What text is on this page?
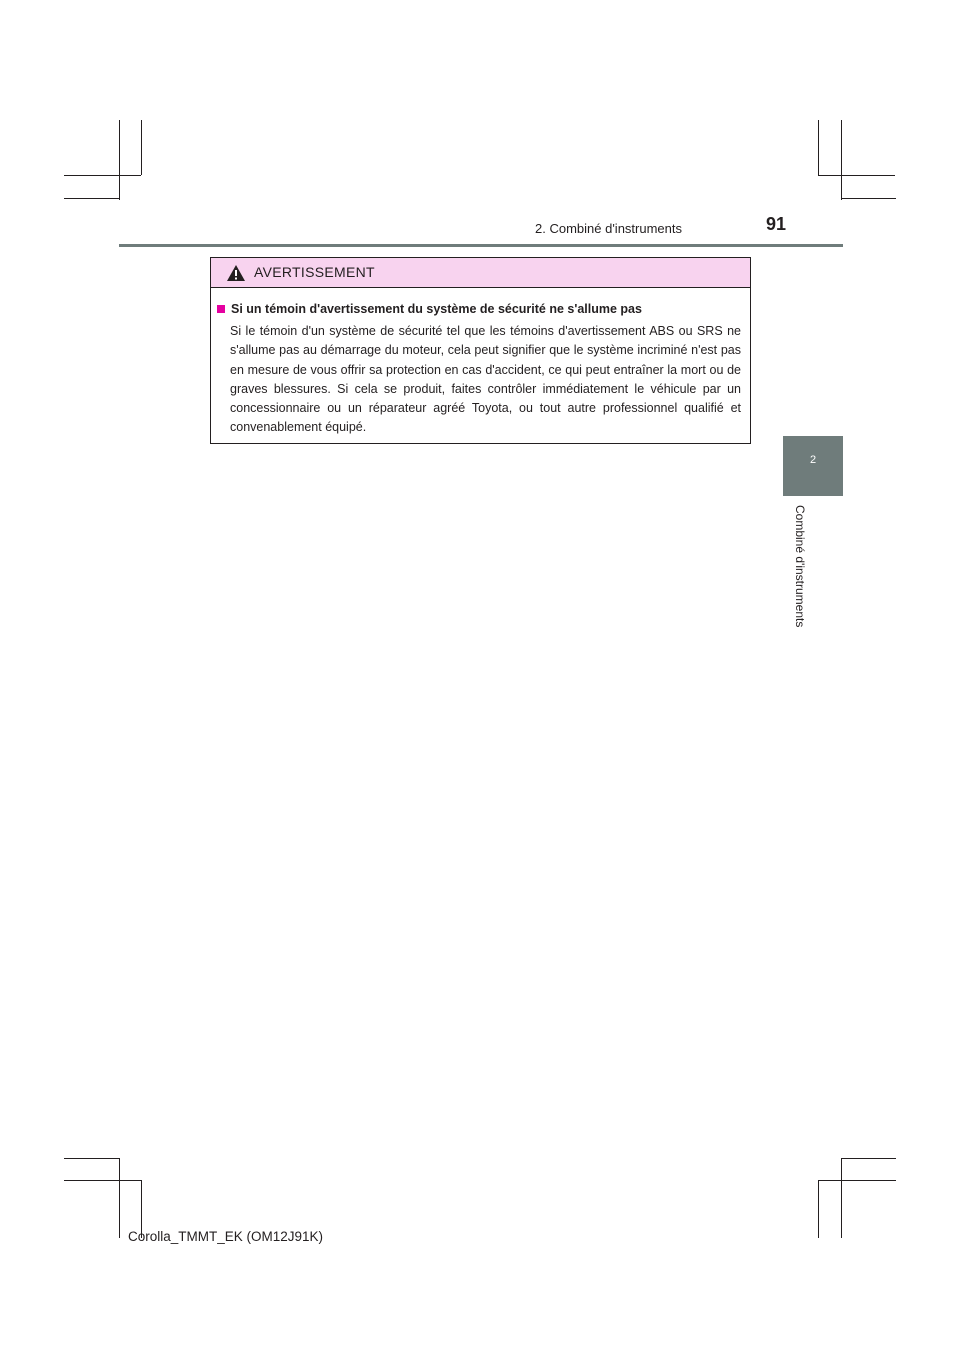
2. Combiné d'instruments	91
2
Combiné d'instruments
AVERTISSEMENT
Si un témoin d'avertissement du système de sécurité ne s'allume pas
Si le témoin d'un système de sécurité tel que les témoins d'avertissement ABS ou SRS ne s'allume pas au démarrage du moteur, cela peut signifier que le système incriminé n'est pas en mesure de vous offrir sa protection en cas d'accident, ce qui peut entraîner la mort ou de graves blessures. Si cela se produit, faites contrôler immédiatement le véhicule par un concessionnaire ou un réparateur agréé Toyota, ou tout autre professionnel qualifié et convenablement équipé.
Corolla_TMMT_EK (OM12J91K)
